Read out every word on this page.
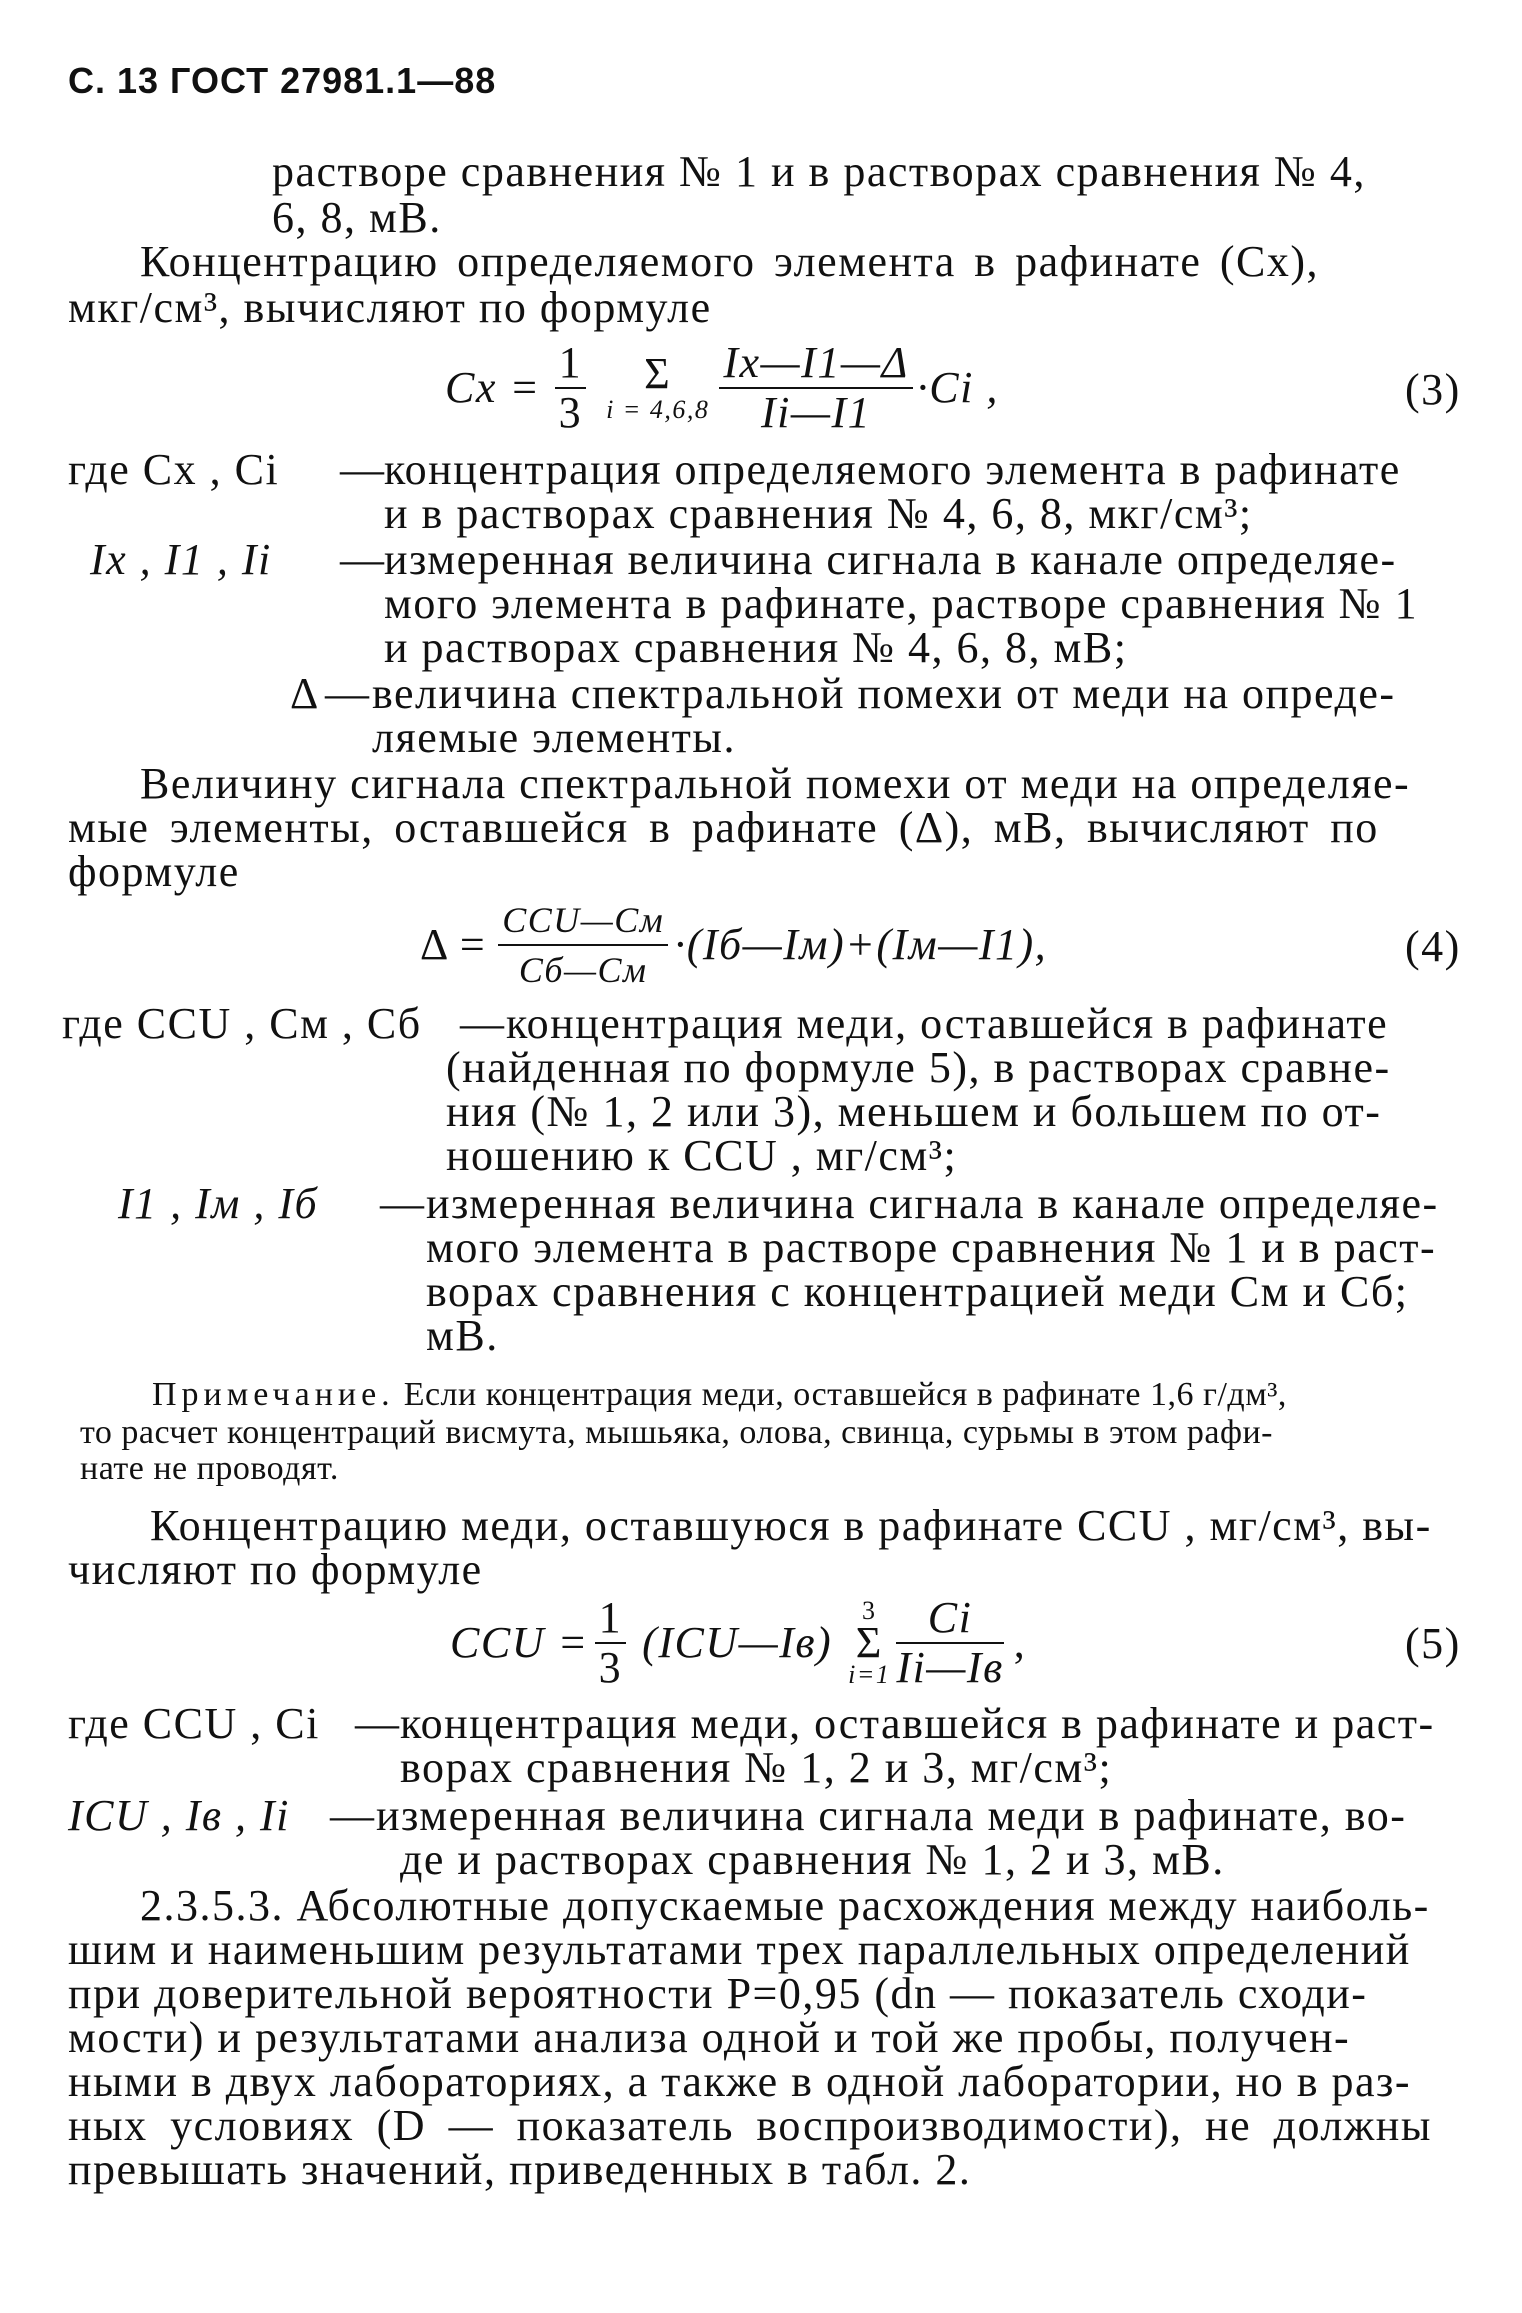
С. 13 ГОСТ 27981.1—88
растворе сравнения № 1 и в растворах сравнения № 4,
6, 8, мВ.
Концентрацию определяемого элемента в рафинате (Cx),
мкг/см³, вычисляют по формуле
$Cx = \frac{1}{3}$	Σ
$i = 4,6,8 \frac{Ix—I1—\Delta}{Ii—I1} \cdot Ci$ ,	(3)
где Cx , Ci —
концентрация определяемого элемента в рафинате
и в растворах сравнения № 4, 6, 8, мкг/см³;
Ix , I1 , Ii —
измеренная величина сигнала в канале определяе-
мого элемента в рафинате, растворе сравнения № 1
и растворах сравнения № 4, 6, 8, мВ;
Δ — величина спектральной помехи от меди на опреде-
ляемые элементы.
Величину сигнала спектральной помехи от меди на определяе-
мые элементы, оставшейся в рафинате (Δ), мВ, вычисляют по
формуле
$\Delta = \frac{\text{CCU—Cм}}{Cб—Cм}$ ·(Iб—Iм)+(Iм—I1),	(4)
где CCU , Cм , Cб — концентрация меди, оставшейся в рафинате
(найденная по формуле 5), в растворах сравне-
ния (№ 1, 2 или 3), меньшем и большем по от-
ношению к CCU , мг/см³;
I1 , Iм , Iб — измеренная величина сигнала в канале определяе-
мого элемента в растворе сравнения № 1 и в раст-
ворах сравнения с концентрацией меди Cм и Cб;
мВ.
Примечание. Если концентрация меди, оставшейся в рафинате 1,6 г/дм³,
то расчет концентраций висмута, мышьяка, олова, свинца, сурьмы в этом рафи-
нате не проводят.
Концентрацию меди, оставшуюся в рафинате CCU , мг/см³, вы-
числяют по формуле
CCU = $\frac{1}{3}$ (ICU—Iв)
3
Σ
$i=1 \frac{Ci}{Ii—Iв}$ ,	(5)
где CCU , Ci — концентрация меди, оставшейся в рафинате и раст-
ворах сравнения № 1, 2 и 3, мг/см³;
ICU , Iв , Ii — измеренная величина сигнала меди в рафинате, во-
де и растворах сравнения № 1, 2 и 3, мВ.
2.3.5.3. Абсолютные допускаемые расхождения между наиболь-
шим и наименьшим результатами трех параллельных определений
при доверительной вероятности P=0,95 (dn — показатель сходи-
мости) и результатами анализа одной и той же пробы, получен-
ными в двух лабораториях, а также в одной лаборатории, но в раз-
ных условиях (D — показатель воспроизводимости), не должны
превышать значений, приведенных в табл. 2.
